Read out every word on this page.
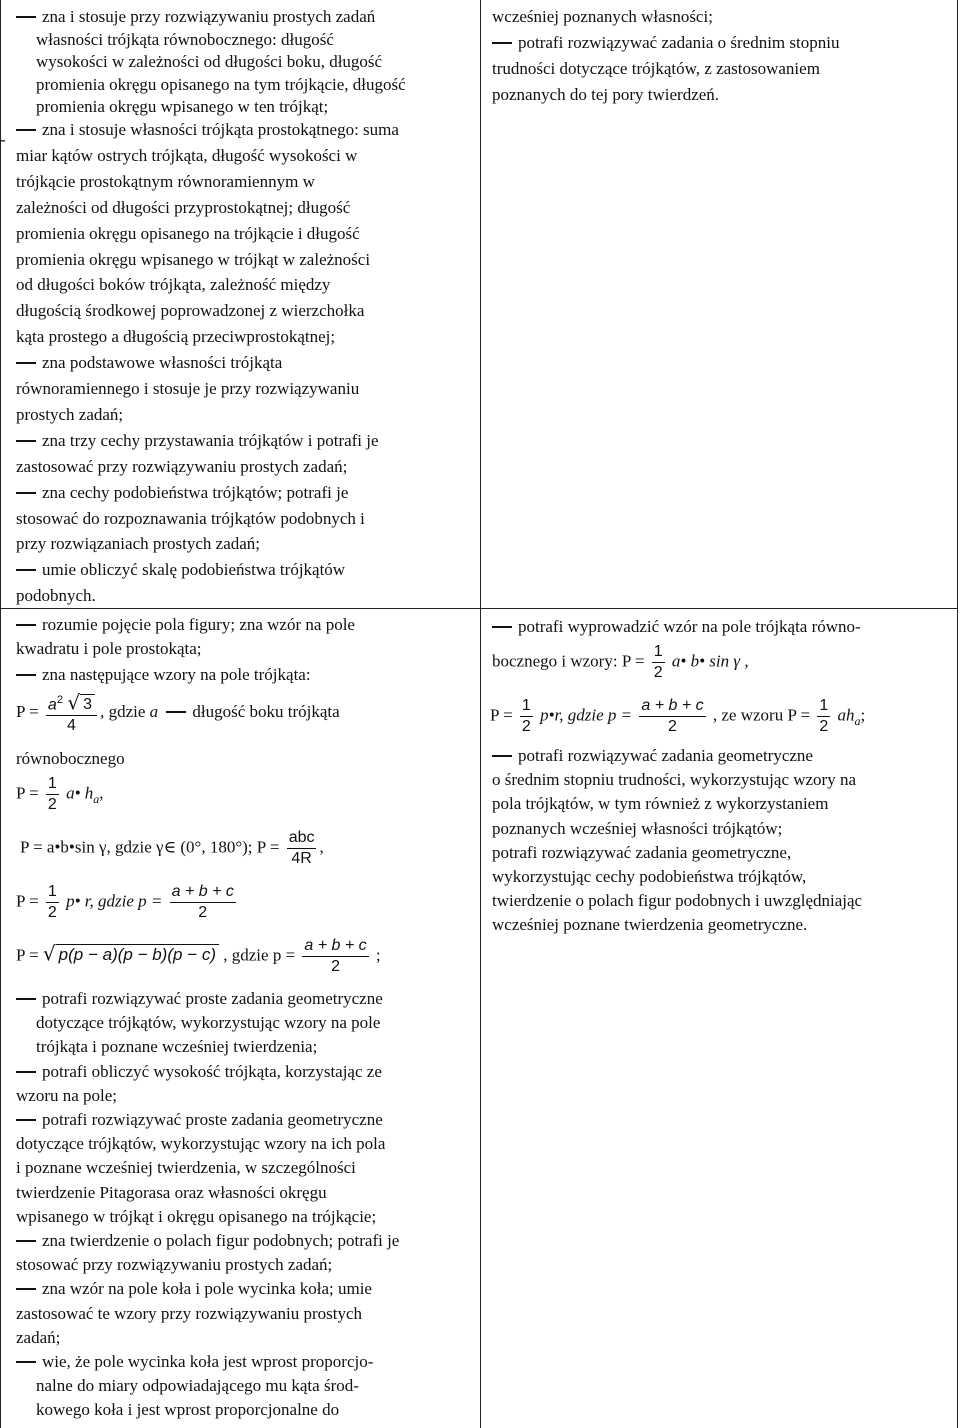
zna i stosuje przy rozwiązywaniu prostych zadań
własności trójkąta równobocznego: długość
wysokości w zależności od długości boku, długość
promienia okręgu opisanego na tym trójkącie, długość
promienia okręgu wpisanego w ten trójkąt;
zna i stosuje własności trójkąta prostokątnego: suma
miar kątów ostrych trójkąta, długość wysokości w
trójkącie prostokątnym równoramiennym w
zależności od długości przyprostokątnej; długość
promienia okręgu opisanego na trójkącie i długość
promienia okręgu wpisanego w trójkąt w zależności
od długości boków trójkąta, zależność między
długością środkowej poprowadzonej z wierzchołka
kąta prostego a długością przeciwprostokątnej;
zna podstawowe własności trójkąta
równoramiennego i stosuje je przy rozwiązywaniu
prostych zadań;
zna trzy cechy przystawania trójkątów i potrafi je
zastosować przy rozwiązywaniu prostych zadań;
zna cechy podobieństwa trójkątów; potrafi je
stosować do rozpoznawania trójkątów podobnych i
przy rozwiązaniach prostych zadań;
umie obliczyć skalę podobieństwa trójkątów
podobnych.
wcześniej poznanych własności;
potrafi rozwiązywać zadania o średnim stopniu
trudności dotyczące trójkątów, z zastosowaniem
poznanych do tej pory twierdzeń.
rozumie pojęcie pola figury; zna wzór na pole
kwadratu i pole prostokąta;
zna następujące wzory na pole trójkąta:
$P = \frac{a^2 √ 3}{4}$ , gdzie a długość boku trójkąta
równobocznego
$P = \frac{1}{2}$ a• $h_a$,
P = a•b•sin γ, gdzie γ∈ (0°, 180°); $P = \frac{\text{abc}}{4R}$ ,
$P = \frac{1}{2}$ p• r, gdzie $p = \frac{a + b + c}{2}$
P = √ p(p − a)(p − b)(p − c) , gdzie $p = \frac{a + b + c}{2}$ ;
potrafi rozwiązywać proste zadania geometryczne
dotyczące trójkątów, wykorzystując wzory na pole
trójkąta i poznane wcześniej twierdzenia;
potrafi obliczyć wysokość trójkąta, korzystając ze
wzoru na pole;
potrafi rozwiązywać proste zadania geometryczne
dotyczące trójkątów, wykorzystując wzory na ich pola
i poznane wcześniej twierdzenia, w szczególności
twierdzenie Pitagorasa oraz własności okręgu
wpisanego w trójkąt i okręgu opisanego na trójkącie;
zna twierdzenie o polach figur podobnych; potrafi je
stosować przy rozwiązywaniu prostych zadań;
zna wzór na pole koła i pole wycinka koła; umie
zastosować te wzory przy rozwiązywaniu prostych
zadań;
wie, że pole wycinka koła jest wprost proporcjo-
nalne do miary odpowiadającego mu kąta środ-
kowego koła i jest wprost proporcjonalne do
potrafi wyprowadzić wzór na pole trójkąta równo-
bocznego i wzory: $P = \frac{1}{2}$ a• b• sin γ ,
$P = \frac{1}{2}$ p•r, gdzie $p = \frac{a + b + c}{2}$ , ze wzoru $P = \frac{1}{2} ah_a$;
potrafi rozwiązywać zadania geometryczne
o średnim stopniu trudności, wykorzystując wzory na
pola trójkątów, w tym również z wykorzystaniem
poznanych wcześniej własności trójkątów;
potrafi rozwiązywać zadania geometryczne,
wykorzystując cechy podobieństwa trójkątów,
twierdzenie o polach figur podobnych i uwzględniając
wcześniej poznane twierdzenia geometryczne.
-
